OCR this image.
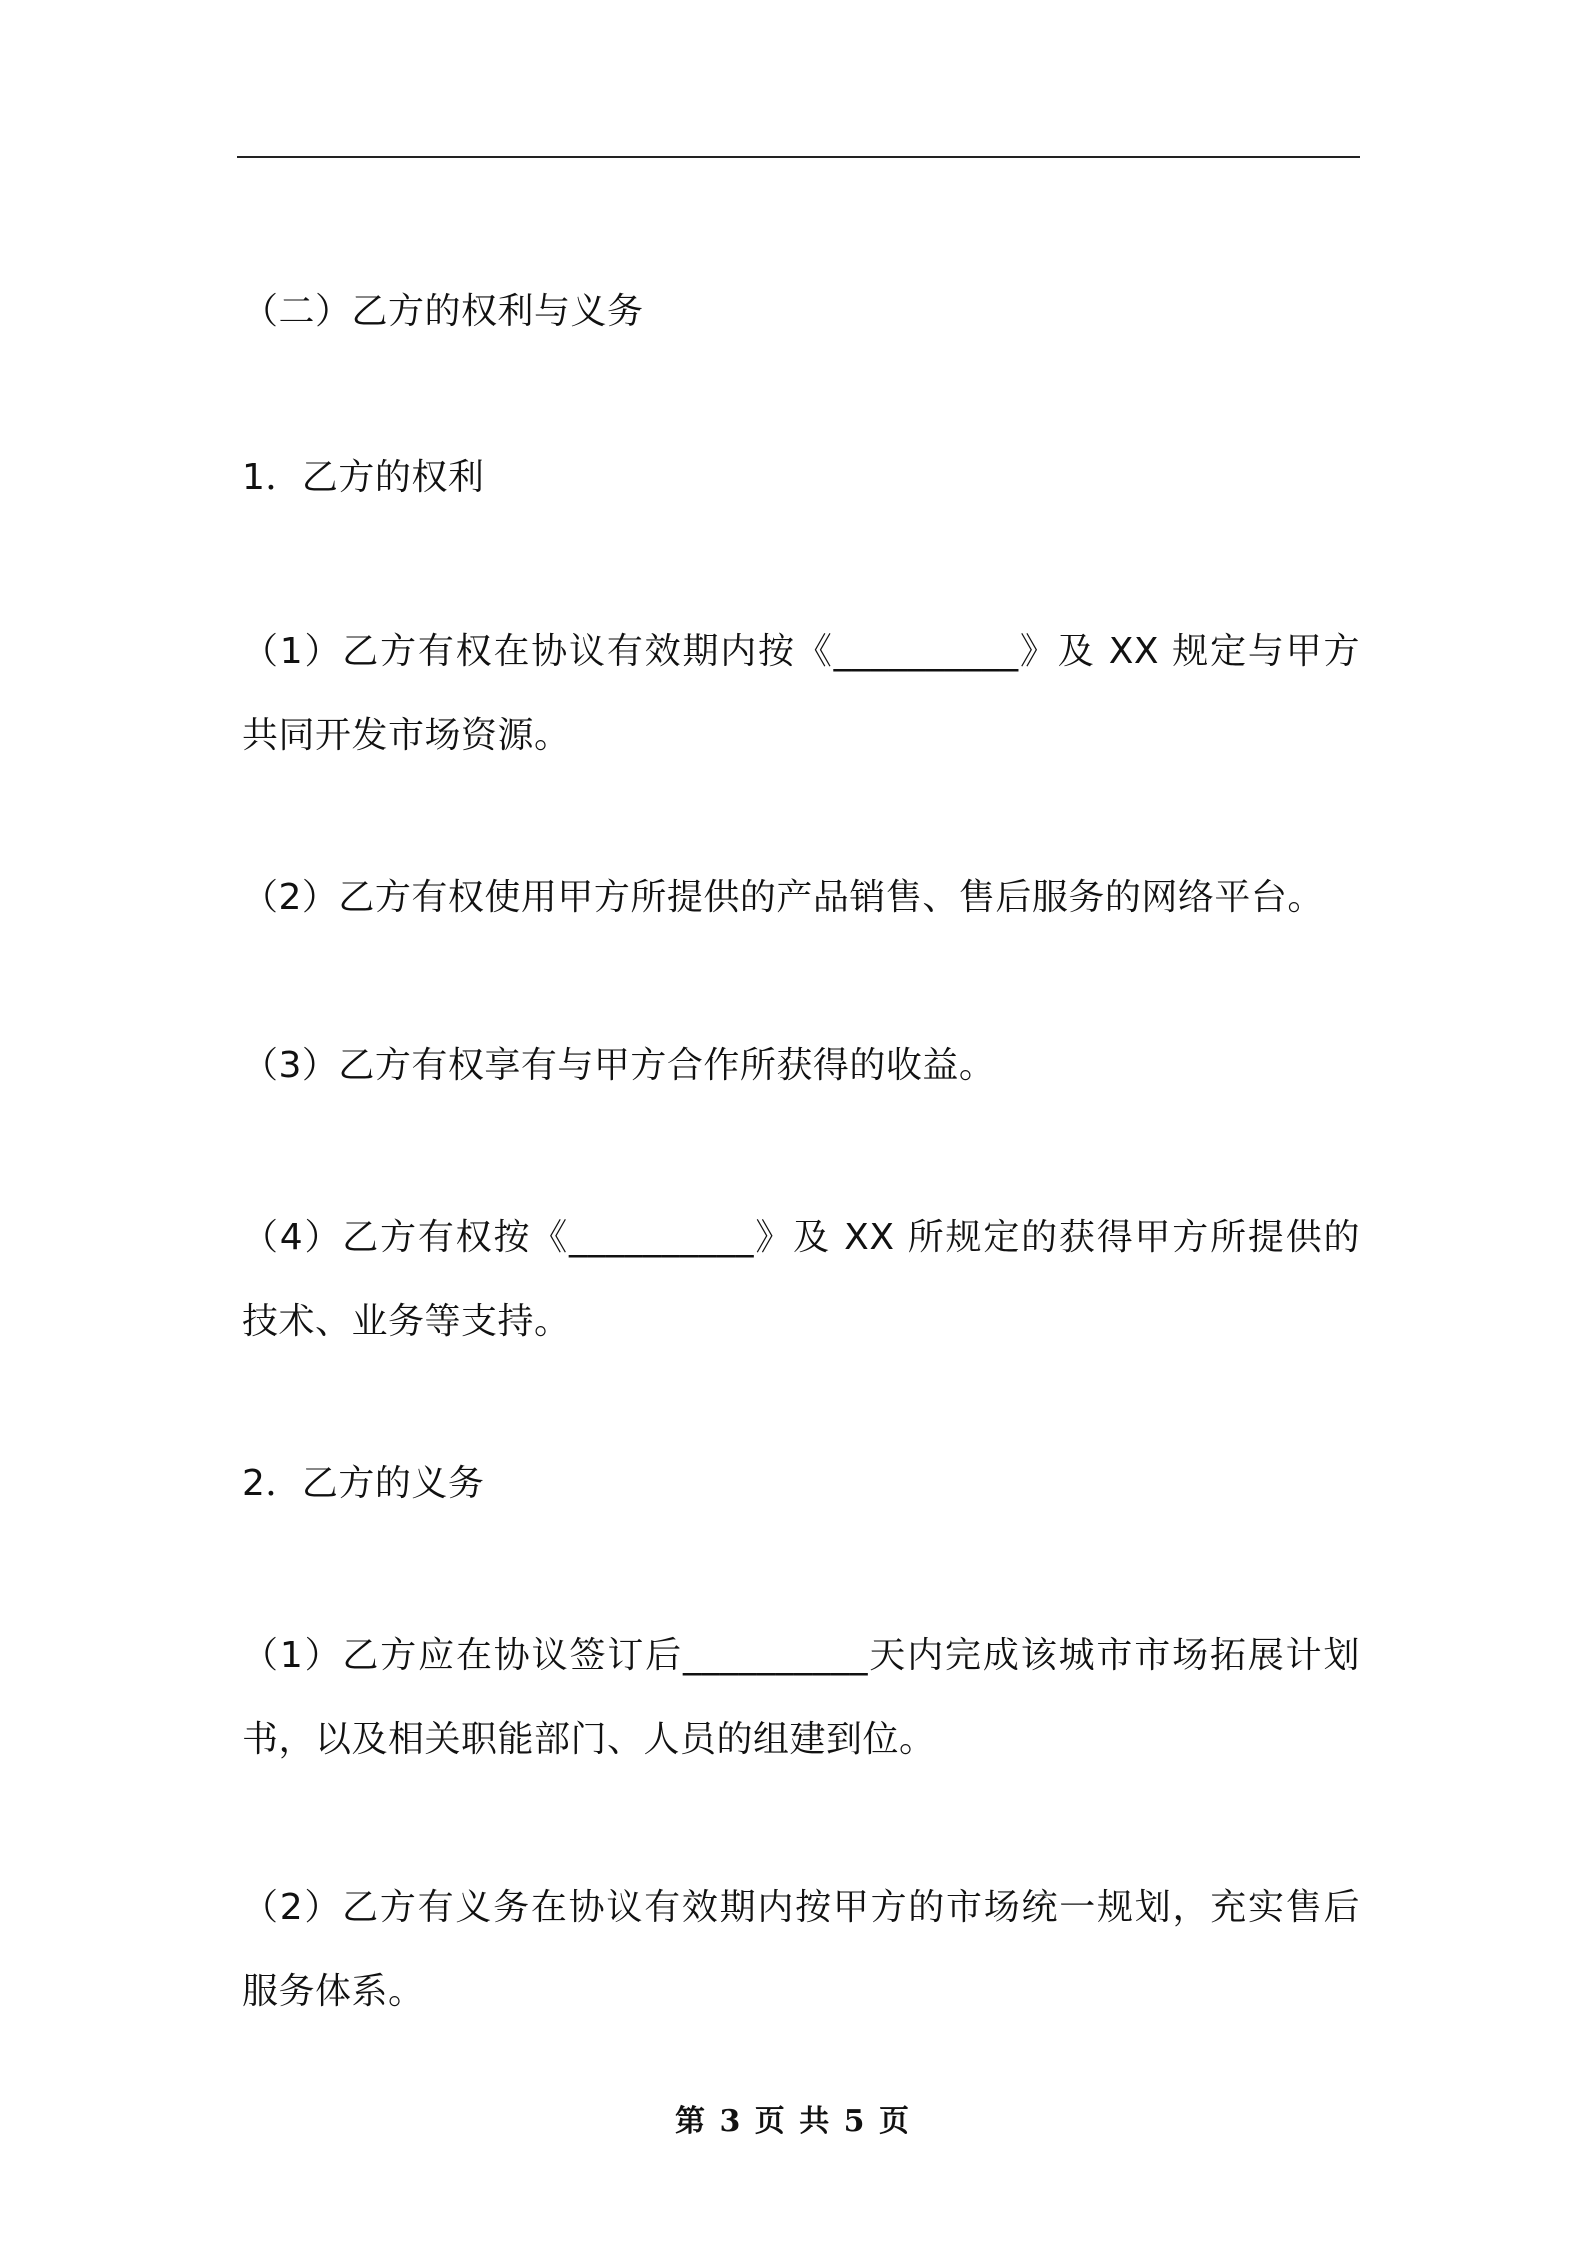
（二）乙方的权利与义务
1．乙方的权利
（1）乙方有权在协议有效期内按《__________》及 XX 规定与甲方共同开发市场资源。
（2）乙方有权使用甲方所提供的产品销售、售后服务的网络平台。
（3）乙方有权享有与甲方合作所获得的收益。
（4）乙方有权按《__________》及 XX 所规定的获得甲方所提供的技术、业务等支持。
2．乙方的义务
（1）乙方应在协议签订后__________天内完成该城市市场拓展计划书，以及相关职能部门、人员的组建到位。
（2）乙方有义务在协议有效期内按甲方的市场统一规划，充实售后服务体系。
第 3 页 共 5 页
